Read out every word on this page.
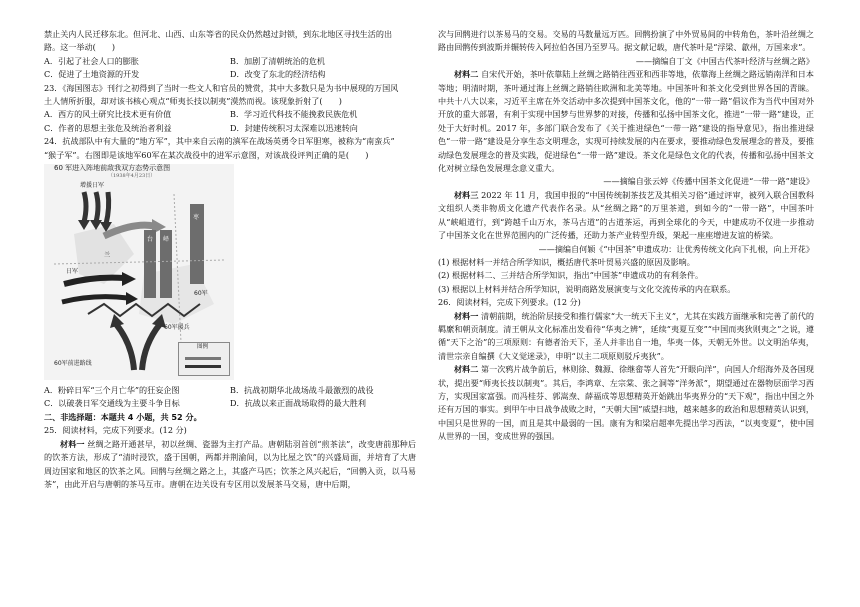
禁止关内人民迁移东北。但河北、山西、山东等省的民众仍然越过封锁，到东北地区寻找生活的出

路。这一举动(　　)

A．引起了社会人口的膨胀	B．加剧了清朝统治的危机
C．促进了土地资源的开发	D．改变了东北的经济结构

23．《海国图志》刊行之初得到了当时一些文人和官员的赞赏，其中大多数只是为书中展现的万国风

土人情所折服，却对该书核心观点“师夷长技以制夷”漠然而视。该现象折射了(　　)

A．西方的风土研究比技术更有价值	B．学习近代科技不能挽救民族危机
C．作者的思想主张危及统治者利益	D．封建传统积习太深难以迅速转向

24．抗战部队中有大量的“地方军”，其中来自云南的滇军在战场英勇令日军胆寒，被称为“南蛮兵”

“猴子军”。右图即是该地军60军在某次战役中的进军示意图，对该战役评判正确的是(　　)

60 军进入阵地前敌我双方态势示意图
（1938年4月23日）
增援日军
台 峄
枣
60军
日军
兰
60军援兵
60军前进路线
图例
A．粉碎日军“三个月亡华”的狂妄企图	B．抗战初期华北战场战斗最激烈的战役
C．以破袭日军交通线为主要斗争目标	D．抗战以来正面战场取得的最大胜利

二、非选择题：本题共 4 小题，共 52 分。

25．阅读材料，完成下列要求。(12 分)

材料一 丝绸之路开通甚早，初以丝绸、瓷器为主打产品。唐朝陆羽首创“煎茶法”，改变唐前那种后的饮茶方法，形成了“清时浸饮，盛于国朝，两都并荆渝间，以为比屋之饮”的兴盛局面，并培育了大唐周边国家和地区的饮茶之风。回鹘与丝绸之路之上，其盛产马匹；饮茶之风兴起后，“回鹘入贡，以马易茶”，由此开启与唐朝的茶马互市。唐朝在边关设有专区用以发展茶马交易，唐中后期，

次与回鹘进行以茶易马的交易。交易的马数量远万匹。回鹘扮演了中外贸易间的中转角色，茶叶沿丝绸之路由回鹘传到波斯并辗转传入阿拉伯各国乃至罗马。据文献记载，唐代茶叶是“浮梁、歙州，万国来求”。

——摘编自丁文《中国古代茶叶经济与丝绸之路》

材料二 自宋代开始，茶叶依靠陆上丝绸之路销往西亚和西非等地，依靠海上丝绸之路远销南洋和日本等地；明清时期，茶叶通过海上丝绸之路销往欧洲和北美等地。中国茶叶和茶文化受到世界各国的青睐。中共十八大以来，习近平主席在外交活动中多次提到中国茶文化，他的“一带一路”倡议作为当代中国对外开放的重大部署，有利于实现中国梦与世界梦的对接，传播和弘扬中国茶文化，推进“一带一路”建设，正处于大好时机。2017 年，多部门联合发布了《关于推进绿色“一带一路”建设的指导意见》，指出推进绿色“一带一路”建设是分享生态文明理念，实现可持续发展的内在要求，要推动绿色发展理念的普及，要推动绿色发展理念的普及实践，促进绿色“一带一路”建设。茶文化是绿色文化的代表，传播和弘扬中国茶文化对树立绿色发展理念意义重大。

——摘编自张云婷《传播中国茶文化促进“一带一路”建设》

材料三 2022 年 11 月，我国申报的“中国传统制茶技艺及其相关习俗”通过评审，被列入联合国教科文组织人类非物质文化遗产代表作名录。从“丝绸之路”的万里茶道，到如今的“一带一路”，中国茶叶从“峡岨道行，到“跨越千山万水，茶马古道”的古道茶运，再到全球化的今天，中建成功不仅进一步推动了中国茶文化在世界范围内的广泛传播，还助力茶产业转型升级，架起一座座增进友谊的桥梁。

——摘编自何颖《“中国茶”申遗成功：让优秀传统文化向下扎根，向上开花》

(1) 根据材料一并结合所学知识，概括唐代茶叶贸易兴盛的原因及影响。

(2) 根据材料二、三并结合所学知识，指出“中国茶”申遗成功的有利条件。

(3) 根据以上材料并结合所学知识，说明商路发展演变与文化交流传承的内在联系。

26．阅读材料，完成下列要求。(12 分)

材料一 清朝前期，统治阶层接受和推行儒家“大一统天下主义”，尤其在实践方面继承和完善了前代的羁縻和朝贡制度。清王朝从文化标准出发看待“华夷之辨”，延续“夷夏互变”“中国而夷狄则夷之”之说，遵循“天下之治”的三项原则：有德者治天下，圣人并非出自一地，华夷一体，天朝无外世。以文明治华夷，清世宗亲自编撰《大义觉迷录》，申明“以主二项原则驳斥夷狄”。

材料二 第一次鸦片战争前后，林则徐、魏源、徐继畲等人首先“开眼向洋”，向国人介绍海外及各国现状，提出要“师夷长技以制夷”。其后，李鸿章、左宗棠、张之洞等“洋务派”，期望通过在器物层面学习西方，实现国家富强。而冯桂芬、郭嵩焘、薛福成等思想精英开始跳出华夷界分的“天下观”，指出中国之外还有万国的事实。到甲午中日战争战败之时，“天朝大国”威望扫地，越来越多的政治和思想精英认识到，中国只是世界的一国，而且是其中最弱的一国。康有为和梁启超率先提出学习西法，“以夷变夏”，使中国从世界的一国，变成世界的强国。
